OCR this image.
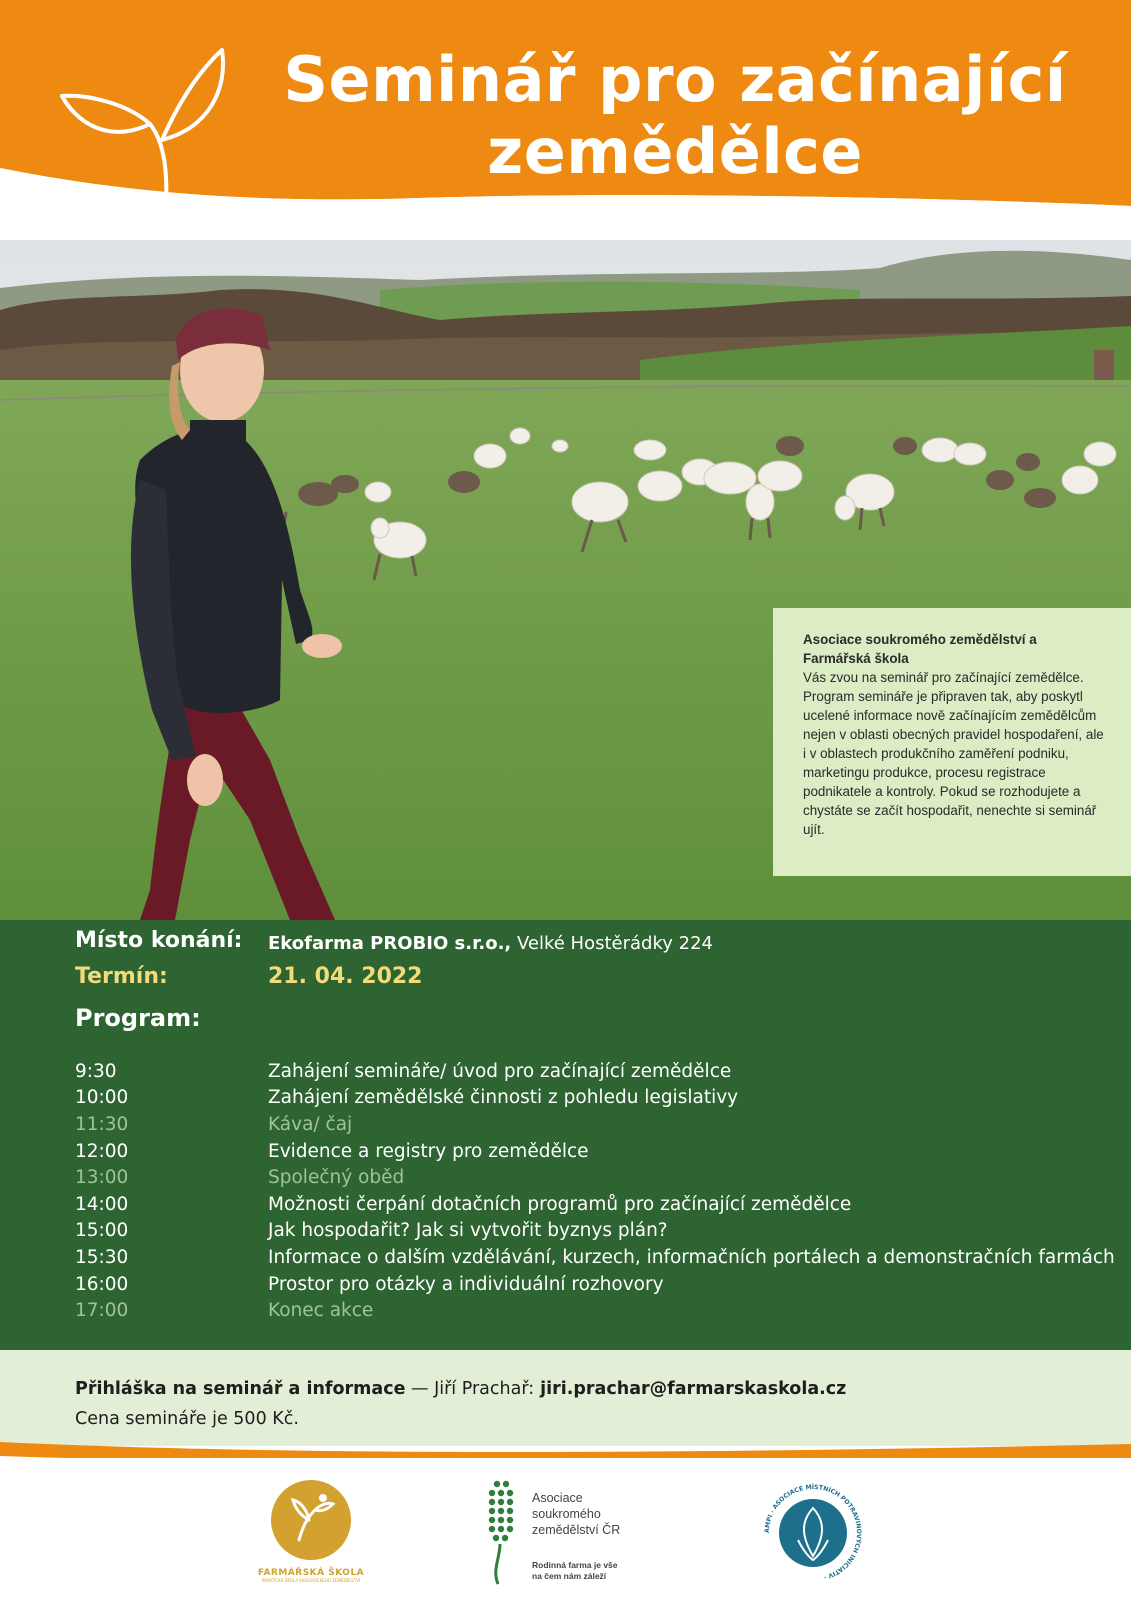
Seminář pro začínající
zemědělce
Asociace soukromého zemědělství a Farmářská škola
Vás zvou na seminář pro začínající zemědělce. Program semináře je připraven tak, aby poskytl ucelené informace nově začínajícím zemědělcům nejen v oblasti obecných pravidel hospodaření, ale i v oblastech produkčního zaměření podniku, marketingu produkce, procesu registrace podnikatele a kontroly. Pokud se rozhodujete a chystáte se začít hospodařit, nenechte si seminář ujít.
Místo konání: Ekofarma PROBIO s.r.o., Velké Hostěrádky 224
Termín:	21. 04. 2022
Program:
9:30	Zahájení semináře/ úvod pro začínající zemědělce
10:00	Zahájení zemědělské činnosti z pohledu legislativy
11:30	Káva/ čaj
12:00	Evidence a registry pro zemědělce
13:00	Společný oběd
14:00	Možnosti čerpání dotačních programů pro začínající zemědělce
15:00	Jak hospodařit? Jak si vytvořit byznys plán?
15:30	Informace o dalším vzdělávání, kurzech, informačních portálech a demonstračních farmách
16:00	Prostor pro otázky a individuální rozhovory
17:00	Konec akce
Přihláška na seminář a informace — Jiří Prachař: jiri.prachar@farmarskaskola.cz
Cena semináře je 500 Kč.
FARMÁŘSKÁ ŠKOLA
PRAKTICKÁ ŠKOLA EKOLOGICKÉHO ZEMĚDĚLSTVÍ
Asociace
soukromého
zemědělství ČR
Rodinná farma je vše
na čem nám záleží
AMPI · ASOCIACE MÍSTNÍCH POTRAVINOVÝCH INICIATIV ·
